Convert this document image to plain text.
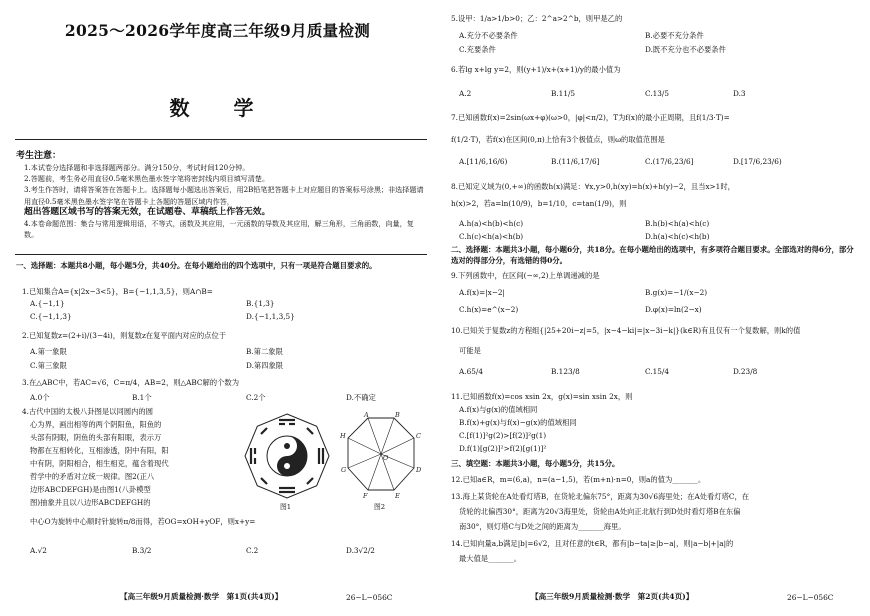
2025～2026学年度高三年级9月质量检测
数　学
考生注意：
1.本试卷分选择题和非选择题两部分。满分150分，考试时间120分钟。
2.答题前，考生务必用直径0.5毫米黑色墨水签字笔将密封线内项目填写清楚。
3.考生作答时，请将答案答在答题卡上。选择题每小题选出答案后，用2B铅笔把答题卡上对应题目的答案标号涂黑；非选择题请用直径0.5毫米黑色墨水签字笔在答题卡上各题的答题区域内作答，
超出答题区域书写的答案无效，在试题卷、草稿纸上作答无效。
4.本卷命题范围：集合与常用逻辑用语，不等式，函数及其应用，一元函数的导数及其应用，解三角形，三角函数，向量，复数。
一、选择题：本题共8小题，每小题5分，共40分。在每小题给出的四个选项中，只有一项是符合题目要求的。
1.已知集合A={x|2x−3<5}，B={−1,1,3,5}，则A∩B=
A.{−1,1}	B.{1,3}
C.{−1,1,3}	D.{−1,1,3,5}
2.已知复数z=(2+i)/(3−4i)，则复数z在复平面内对应的点位于
A.第一象限	B.第二象限
C.第三象限	D.第四象限
3.在△ABC中，若AC=√6，C=π/4，AB=2，则△ABC解的个数为
A.0个	B.1个	C.2个	D.不确定
4.古代中国的太极八卦图是以同圆内的圆
心为界，画出相等的两个阴阳鱼，阳鱼的
头部有阴眼，阴鱼的头部有阳眼，表示万
物都在互相转化，互相渗透，阴中有阳，阳
中有阴，阴阳相合，相生相克，蕴含着现代
哲学中的矛盾对立统一规律。图2(正八
边形ABCDEFGH)是由图1(八卦模型
图)抽象并且以八边形ABCDEFGH的
中心O为旋转中心顺时针旋转π/8而得，若OG=xOH+yOF，则x+y=
图1
A	B
C
D
E
F
G
H
O
图2
A.√2	B.3/2	C.2	D.3√2/2
【高三年级9月质量检测·数学　第1页(共4页)】	26−L−056C
5.设甲：1/a>1/b>0；乙：2^a>2^b，则甲是乙的
A.充分不必要条件	B.必要不充分条件
C.充要条件	D.既不充分也不必要条件
6.若lg x+lg y=2，则(y+1)/x+(x+1)/y的最小值为
A.2	B.11/5	C.13/5	D.3
7.已知函数f(x)=2sin(ωx+φ)(ω>0，|φ|<π/2)，T为f(x)的最小正周期，且f(1/3·T)=
f(1/2·T)，若f(x)在区间(0,π)上恰有3个极值点，则ω的取值范围是
A.[11/6,16/6)	B.(11/6,17/6]	C.(17/6,23/6]	D.[17/6,23/6)
8.已知定义域为(0,+∞)的函数h(x)满足：∀x,y>0,h(xy)=h(x)+h(y)−2，且当x>1时，
h(x)>2，若a=ln(10/9)，b=1/10，c=tan(1/9)，则
A.h(a)<h(b)<h(c)	B.h(b)<h(a)<h(c)
C.h(c)<h(a)<h(b)	D.h(a)<h(c)<h(b)
二、选择题：本题共3小题，每小题6分，共18分。在每小题给出的选项中，有多项符合题目要求。全部选对的得6分，部分选对的得部分分，有选错的得0分。
9.下列函数中，在区间(−∞,2)上单调递减的是
A.f(x)=|x−2|	B.g(x)=−1/(x−2)
C.h(x)=e^(x−2)	D.φ(x)=ln(2−x)
10.已知关于复数z的方程组{|25+20i−z|=5，|x−4−ki|=|x−3i−k|}(k∈R)有且仅有一个复数解，则k的值
可能是
A.65/4	B.123/8	C.15/4	D.23/8
11.已知函数f(x)=cos xsin 2x，g(x)=sin xsin 2x，则
A.f(x)与g(x)的值域相同
B.f(x)+g(x)与f(x)−g(x)的值域相同
C.[f(1)]²g(2)>[f(2)]²g(1)
D.f(1)[g(2)]²>f(2)[g(1)]²
三、填空题：本题共3小题，每小题5分，共15分。
12.已知a∈R，m=(6,a)，n=(a−1,5)，若(m+n)·n=0，则a的值为_______。
13.海上某货轮在A处看灯塔B，在货轮北偏东75°，距离为30√6海里处；在A处看灯塔C，在
货轮的北偏西30°，距离为20√3海里处，货轮由A处向正北航行到D处时看灯塔B在东偏
南30°，则灯塔C与D处之间的距离为_______海里。
14.已知向量a,b满足|b|=6√2，且对任意的t∈R，都有|b−ta|≥|b−a|，则|a−b|+|a|的
最大值是_______。
【高三年级9月质量检测·数学　第2页(共4页)】	26−L−056C
